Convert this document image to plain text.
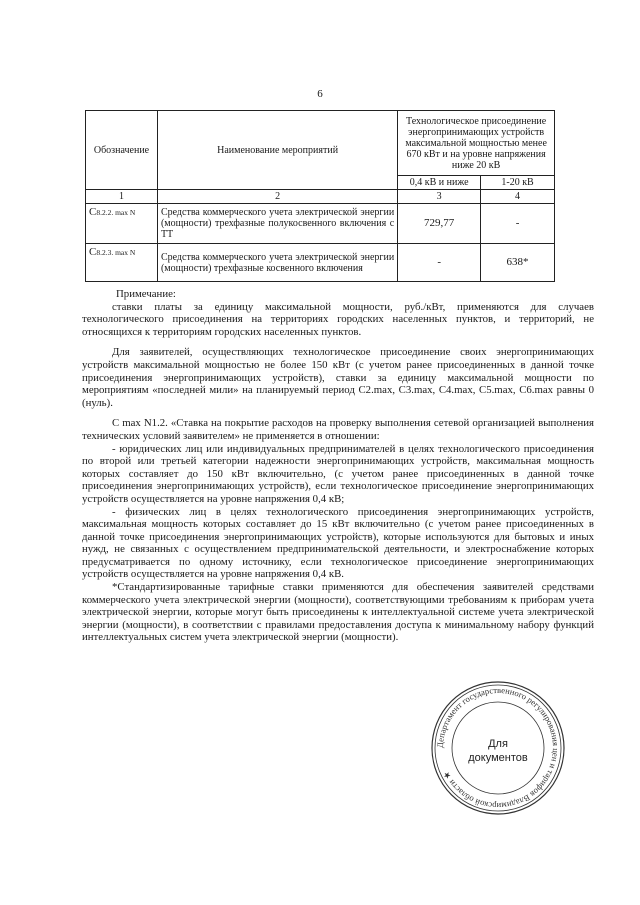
6
Обозначение	Наименование мероприятий	Технологическое присоединение энергопринимающих устройств максимальной мощностью менее 670 кВт и на уровне напряжения ниже 20 кВ	
		0,4 кВ и ниже	1-20 кВ
1	2	3	4
C8.2.2. max N	Средства коммерческого учета электрической энергии (мощности) трехфазные полукосвенного включения с ТТ	729,77	-
C8.2.3. max N	Средства коммерческого учета электрической энергии (мощности) трехфазные косвенного включения	-	638*

Примечание:

ставки платы за единицу максимальной мощности, руб./кВт, применяются для случаев технологического присоединения на территориях городских населенных пунктов, и территорий, не относящихся к территориям городских населенных пунктов.

Для заявителей, осуществляющих технологическое присоединение своих энергопринимающих устройств максимальной мощностью не более 150 кВт (с учетом ранее присоединенных в данной точке присоединения энергопринимающих устройств), ставки за единицу максимальной мощности по мероприятиям «последней мили» на планируемый период С2.max, С3.max, С4.max, С5.max, С6.max равны 0 (нуль).

С max N1.2. «Ставка на покрытие расходов на проверку выполнения сетевой организацией выполнения технических условий заявителем» не применяется в отношении:

- юридических лиц или индивидуальных предпринимателей в целях технологического присоединения по второй или третьей категории надежности энергопринимающих устройств, максимальная мощность которых составляет до 150 кВт включительно, (с учетом ранее присоединенных в данной точке присоединения энергопринимающих устройств), если технологическое присоединение энергопринимающих устройств осуществляется на уровне напряжения 0,4 кВ;

- физических лиц в целях технологического присоединения энергопринимающих устройств, максимальная мощность которых составляет до 15 кВт включительно (с учетом ранее присоединенных в данной точке присоединения энергопринимающих устройств), которые используются для бытовых и иных нужд, не связанных с осуществлением предпринимательской деятельности, и электроснабжение которых предусматривается по одному источнику, если технологическое присоединение энергопринимающих устройств осуществляется на уровне напряжения 0,4 кВ.

*Стандартизированные тарифные ставки применяются для обеспечения заявителей средствами коммерческого учета электрической энергии (мощности), соответствующими требованиям к приборам учета электрической энергии, которые могут быть присоединены к интеллектуальной системе учета электрической энергии (мощности), в соответствии с правилами предоставления доступа к минимальному набору функций интеллектуальных систем учета электрической энергии (мощности).

Департамент государственного регулирования цен и тарифов Владимирской области ★
Для
документов
